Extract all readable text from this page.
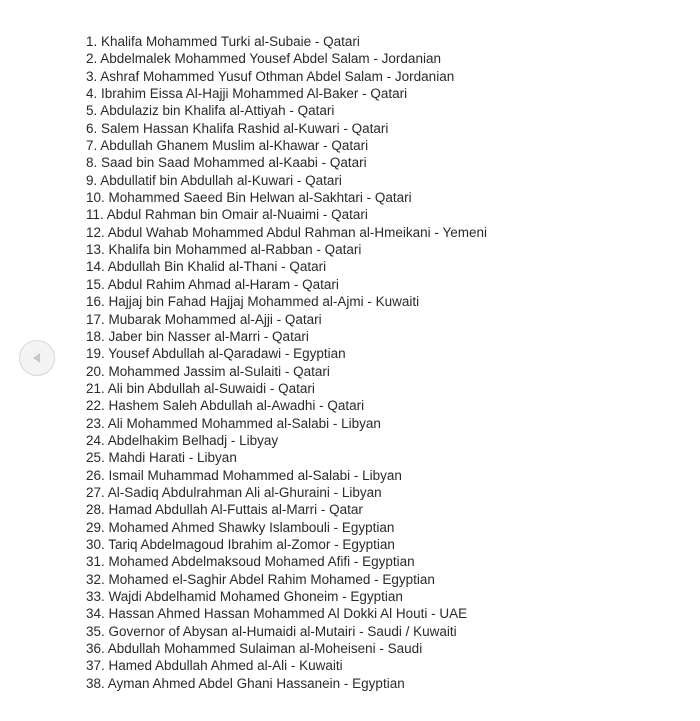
1. Khalifa Mohammed Turki al-Subaie - Qatari
2. Abdelmalek Mohammed Yousef Abdel Salam - Jordanian
3. Ashraf Mohammed Yusuf Othman Abdel Salam - Jordanian
4. Ibrahim Eissa Al-Hajji Mohammed Al-Baker - Qatari
5. Abdulaziz bin Khalifa al-Attiyah - Qatari
6. Salem Hassan Khalifa Rashid al-Kuwari - Qatari
7. Abdullah Ghanem Muslim al-Khawar - Qatari
8. Saad bin Saad Mohammed al-Kaabi - Qatari
9. Abdullatif bin Abdullah al-Kuwari - Qatari
10. Mohammed Saeed Bin Helwan al-Sakhtari - Qatari
11. Abdul Rahman bin Omair al-Nuaimi - Qatari
12. Abdul Wahab Mohammed Abdul Rahman al-Hmeikani - Yemeni
13. Khalifa bin Mohammed al-Rabban - Qatari
14. Abdullah Bin Khalid al-Thani - Qatari
15. Abdul Rahim Ahmad al-Haram - Qatari
16. Hajjaj bin Fahad Hajjaj Mohammed al-Ajmi - Kuwaiti
17. Mubarak Mohammed al-Ajji - Qatari
18. Jaber bin Nasser al-Marri - Qatari
19. Yousef Abdullah al-Qaradawi - Egyptian
20. Mohammed Jassim al-Sulaiti - Qatari
21. Ali bin Abdullah al-Suwaidi - Qatari
22. Hashem Saleh Abdullah al-Awadhi - Qatari
23. Ali Mohammed Mohammed al-Salabi - Libyan
24. Abdelhakim Belhadj - Libyay
25. Mahdi Harati - Libyan
26. Ismail Muhammad Mohammed al-Salabi - Libyan
27. Al-Sadiq Abdulrahman Ali al-Ghuraini - Libyan
28. Hamad Abdullah Al-Futtais al-Marri - Qatar
29. Mohamed Ahmed Shawky Islambouli - Egyptian
30. Tariq Abdelmagoud Ibrahim al-Zomor - Egyptian
31. Mohamed Abdelmaksoud Mohamed Afifi - Egyptian
32. Mohamed el-Saghir Abdel Rahim Mohamed - Egyptian
33. Wajdi Abdelhamid Mohamed Ghoneim - Egyptian
34. Hassan Ahmed Hassan Mohammed Al Dokki Al Houti - UAE
35. Governor of Abysan al-Humaidi al-Mutairi - Saudi / Kuwaiti
36. Abdullah Mohammed Sulaiman al-Moheiseni - Saudi
37. Hamed Abdullah Ahmed al-Ali - Kuwaiti
38. Ayman Ahmed Abdel Ghani Hassanein - Egyptian
